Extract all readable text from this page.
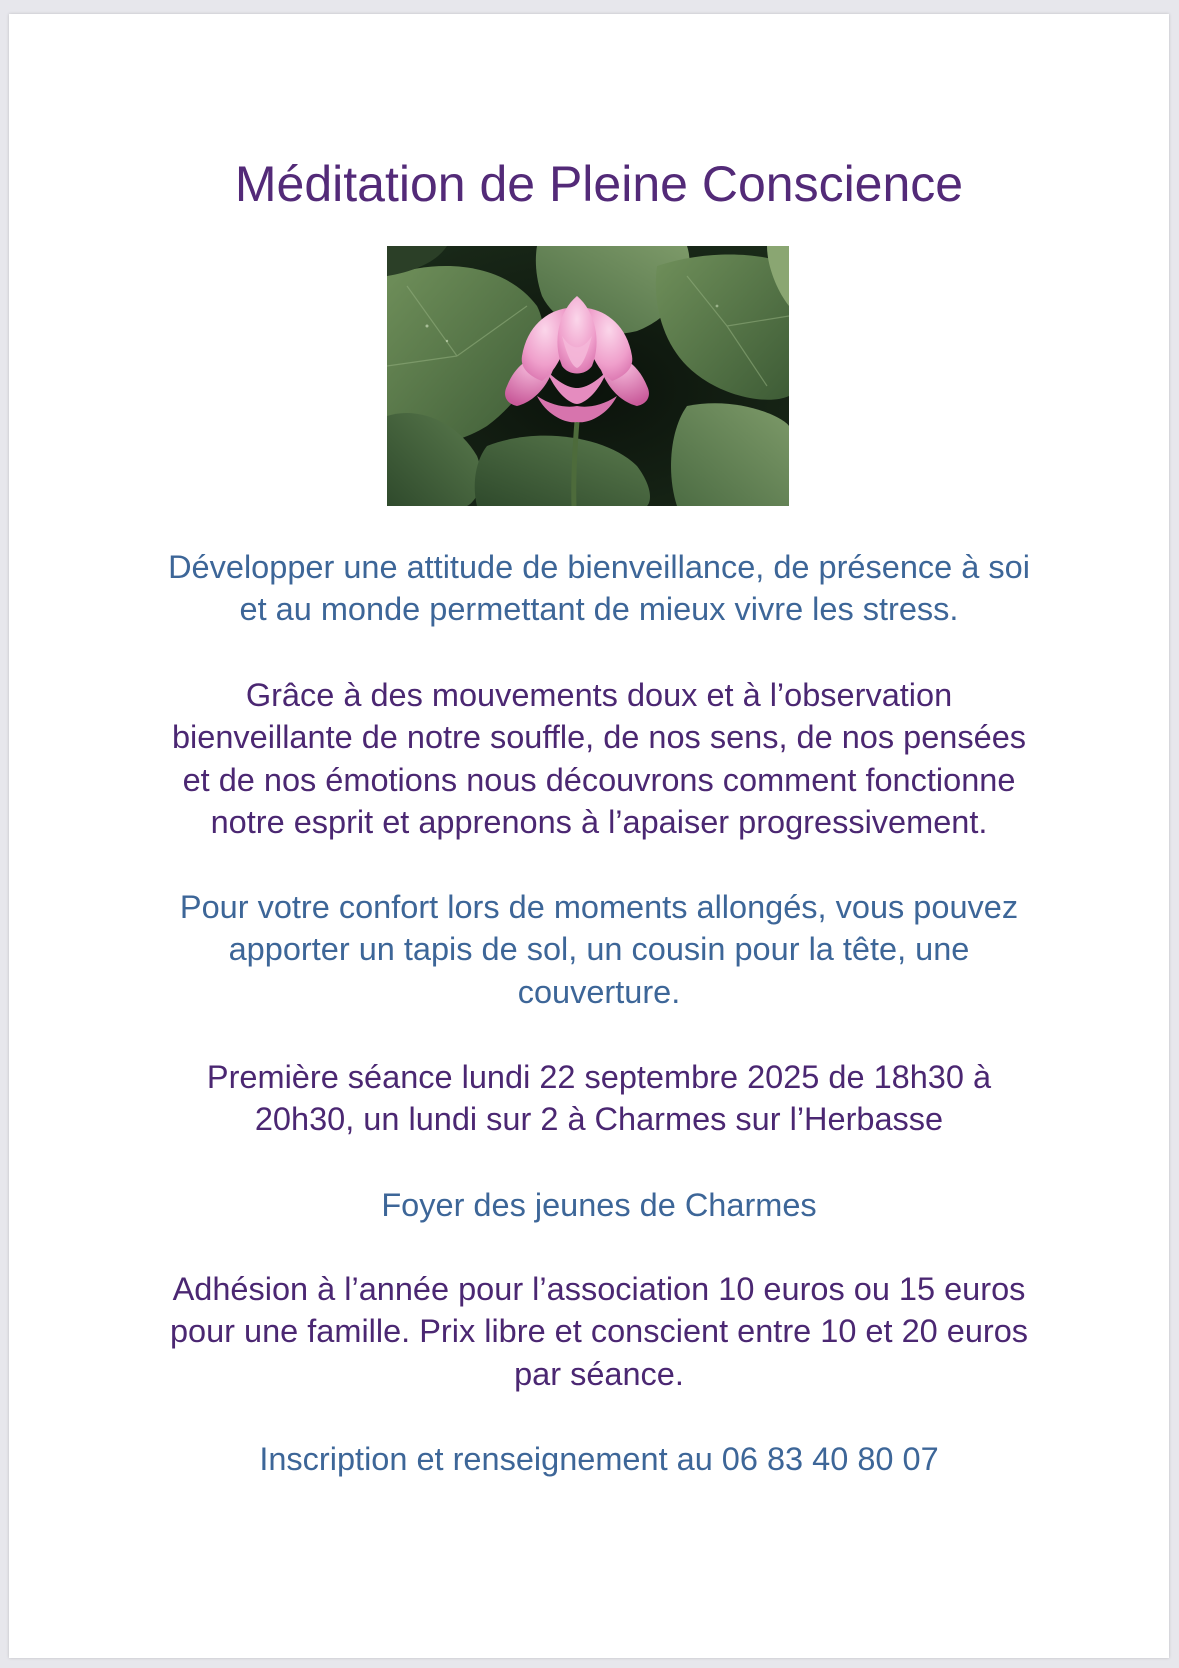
Méditation de Pleine Conscience
Développer une attitude de bienveillance, de présence à soi
et au monde permettant de mieux vivre les stress.
Grâce à des mouvements doux et à l’observation
bienveillante de notre souffle, de nos sens, de nos pensées
et de nos émotions nous découvrons comment fonctionne
notre esprit et apprenons à l’apaiser progressivement.
Pour votre confort lors de moments allongés, vous pouvez
apporter un tapis de sol, un cousin pour la tête, une
couverture.
Première séance lundi 22 septembre 2025 de 18h30 à
20h30, un lundi sur 2 à Charmes sur l’Herbasse
Foyer des jeunes de Charmes
Adhésion à l’année pour l’association 10 euros ou 15 euros
pour une famille. Prix libre et conscient entre 10 et 20 euros
par séance.
Inscription et renseignement au 06 83 40 80 07
